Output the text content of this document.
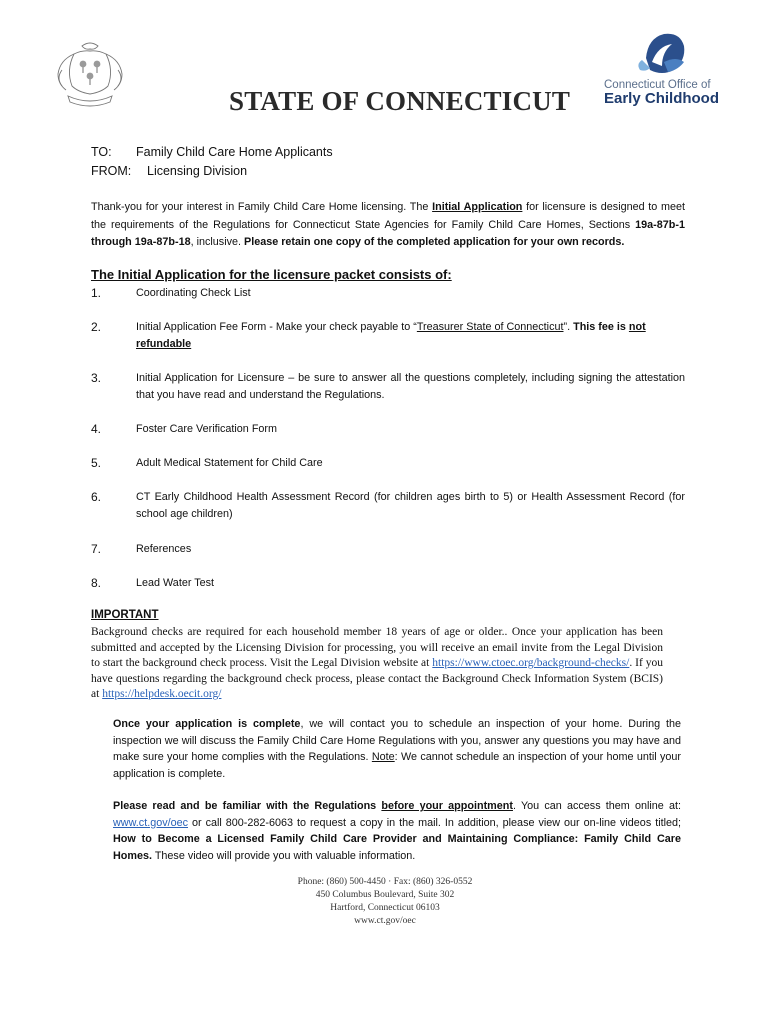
Connecticut Office of
Early Childhood
STATE OF CONNECTICUT
TO: Family Child Care Home Applicants
FROM: Licensing Division

Thank-you for your interest in Family Child Care Home licensing. The Initial Application for licensure is designed to meet the requirements of the Regulations for Connecticut State Agencies for Family Child Care Homes, Sections 19a-87b-1 through 19a-87b-18, inclusive. Please retain one copy of the completed application for your own records.

The Initial Application for the licensure packet consists of:
1.	Coordinating Check List
2.	Initial Application Fee Form - Make your check payable to “Treasurer State of Connecticut”. This fee is not
refundable
3.	Initial Application for Licensure – be sure to answer all the questions completely, including signing the attestation that you have read and understand the Regulations.
4.	Foster Care Verification Form
5.	Adult Medical Statement for Child Care
6.	CT Early Childhood Health Assessment Record (for children ages birth to 5) or Health Assessment Record (for school age children)
7.	References
8.	Lead Water Test
IMPORTANT

Background checks are required for each household member 18 years of age or older.. Once your application has been submitted and accepted by the Licensing Division for processing, you will receive an email invite from the Legal Division to start the background check process. Visit the Legal Division website at https://www.ctoec.org/background-checks/. If you have questions regarding the background check process, please contact the Background Check Information System (BCIS) at https://helpdesk.oecit.org/

Once your application is complete, we will contact you to schedule an inspection of your home. During the inspection we will discuss the Family Child Care Home Regulations with you, answer any questions you may have and make sure your home complies with the Regulations. Note: We cannot schedule an inspection of your home until your application is complete.

Please read and be familiar with the Regulations before your appointment. You can access them online at: www.ct.gov/oec or call 800-282-6063 to request a copy in the mail. In addition, please view our on-line videos titled; How to Become a Licensed Family Child Care Provider and Maintaining Compliance: Family Child Care Homes. These video will provide you with valuable information.

Phone: (860) 500-4450 · Fax: (860) 326-0552
450 Columbus Boulevard, Suite 302
Hartford, Connecticut 06103
www.ct.gov/oec
